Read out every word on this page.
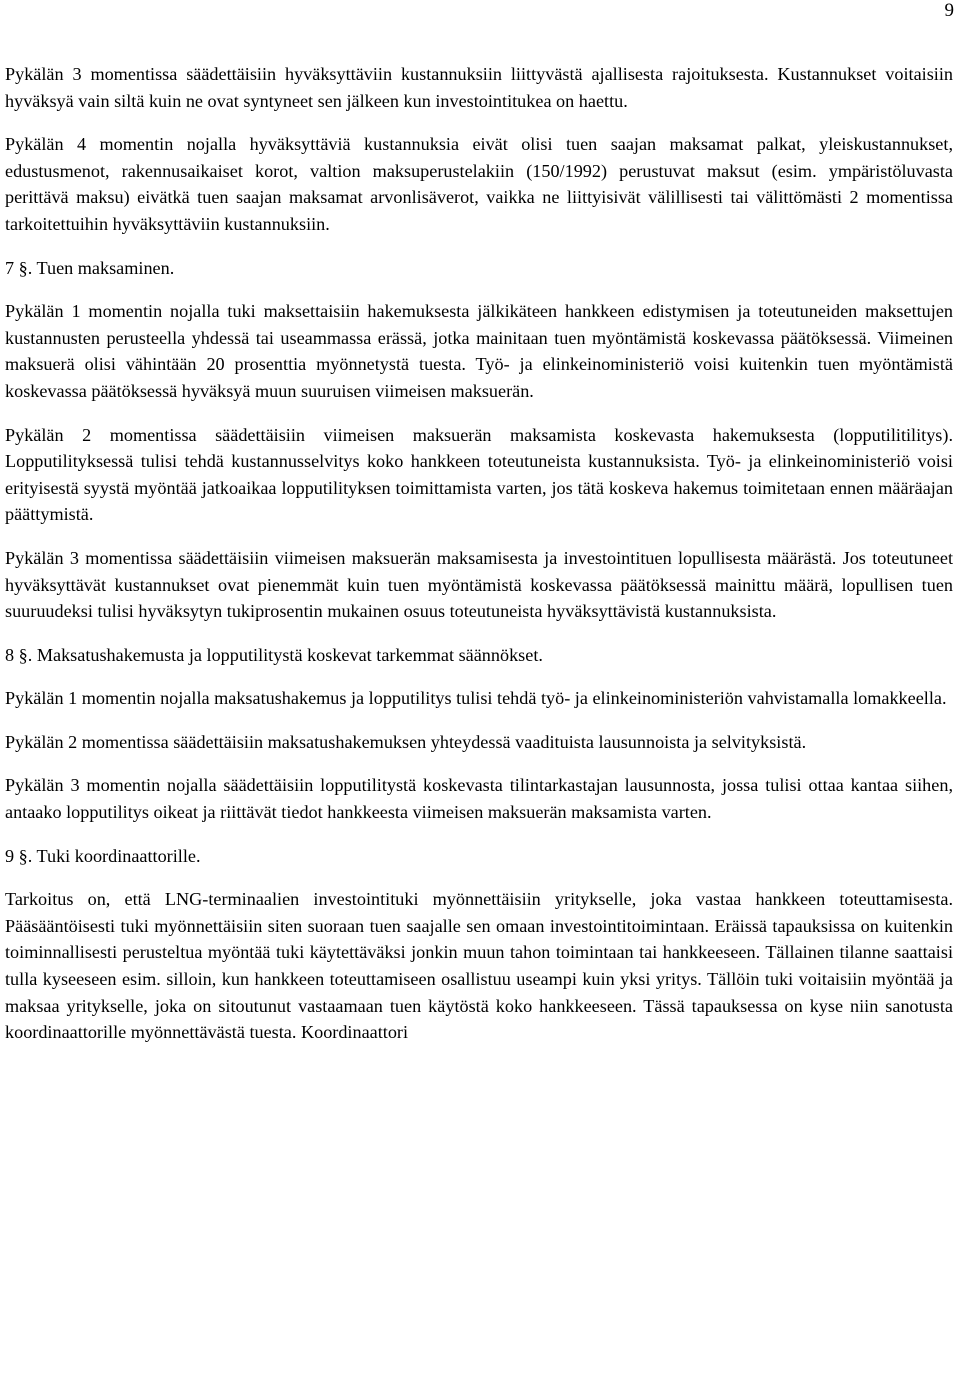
9

Pykälän 3 momentissa säädettäisiin hyväksyttäviin kustannuksiin liittyvästä ajallisesta rajoituksesta. Kustannukset voitaisiin hyväksyä vain siltä kuin ne ovat syntyneet sen jälkeen kun investointitukea on haettu.

Pykälän 4 momentin nojalla hyväksyttäviä kustannuksia eivät olisi tuen saajan maksamat palkat, yleiskustannukset, edustusmenot, rakennusaikaiset korot, valtion maksuperustelakiin (150/1992) perustuvat maksut (esim. ympäristöluvasta perittävä maksu) eivätkä tuen saajan maksamat arvonlisäverot, vaikka ne liittyisivät välillisesti tai välittömästi 2 momentissa tarkoitettuihin hyväksyttäviin kustannuksiin.

7 §. Tuen maksaminen.

Pykälän 1 momentin nojalla tuki maksettaisiin hakemuksesta jälkikäteen hankkeen edistymisen ja toteutuneiden maksettujen kustannusten perusteella yhdessä tai useammassa erässä, jotka mainitaan tuen myöntämistä koskevassa päätöksessä. Viimeinen maksuerä olisi vähintään 20 prosenttia myönnetystä tuesta. Työ- ja elinkeinoministeriö voisi kuitenkin tuen myöntämistä koskevassa päätöksessä hyväksyä muun suuruisen viimeisen maksuerän.

Pykälän 2 momentissa säädettäisiin viimeisen maksuerän maksamista koskevasta hakemuksesta (lopputilitilitys). Lopputilityksessä tulisi tehdä kustannusselvitys koko hankkeen toteutuneista kustannuksista. Työ- ja elinkeinoministeriö voisi erityisestä syystä myöntää jatkoaikaa lopputilityksen toimittamista varten, jos tätä koskeva hakemus toimitetaan ennen määräajan päättymistä.

Pykälän 3 momentissa säädettäisiin viimeisen maksuerän maksamisesta ja investointituen lopullisesta määrästä. Jos toteutuneet hyväksyttävät kustannukset ovat pienemmät kuin tuen myöntämistä koskevassa päätöksessä mainittu määrä, lopullisen tuen suuruudeksi tulisi hyväksytyn tukiprosentin mukainen osuus toteutuneista hyväksyttävistä kustannuksista.

8 §. Maksatushakemusta ja lopputilitystä koskevat tarkemmat säännökset.

Pykälän 1 momentin nojalla maksatushakemus ja lopputilitys tulisi tehdä työ- ja elinkeinoministeriön vahvistamalla lomakkeella.

Pykälän 2 momentissa säädettäisiin maksatushakemuksen yhteydessä vaadituista lausunnoista ja selvityksistä.

Pykälän 3 momentin nojalla säädettäisiin lopputilitystä koskevasta tilintarkastajan lausunnosta, jossa tulisi ottaa kantaa siihen, antaako lopputilitys oikeat ja riittävät tiedot hankkeesta viimeisen maksuerän maksamista varten.

9 §. Tuki koordinaattorille.

Tarkoitus on, että LNG-terminaalien investointituki myönnettäisiin yritykselle, joka vastaa hankkeen toteuttamisesta. Pääsääntöisesti tuki myönnettäisiin siten suoraan tuen saajalle sen omaan investointitoimintaan. Eräissä tapauksissa on kuitenkin toiminnallisesti perusteltua myöntää tuki käytettäväksi jonkin muun tahon toimintaan tai hankkeeseen. Tällainen tilanne saattaisi tulla kyseeseen esim. silloin, kun hankkeen toteuttamiseen osallistuu useampi kuin yksi yritys. Tällöin tuki voitaisiin myöntää ja maksaa yritykselle, joka on sitoutunut vastaamaan tuen käytöstä koko hankkeeseen. Tässä tapauksessa on kyse niin sanotusta koordinaattorille myönnettävästä tuesta. Koordinaattori
